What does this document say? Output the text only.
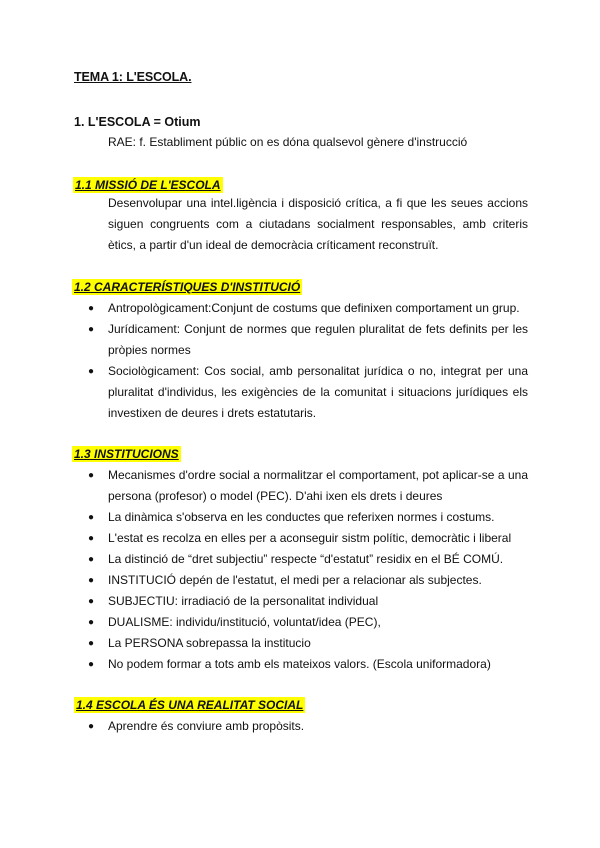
TEMA 1: L'ESCOLA.
1. L'ESCOLA = Otium
RAE: f. Establiment públic on es dóna qualsevol gènere d'instrucció
1.1 MISSIÓ DE L'ESCOLA
Desenvolupar una intel.ligència i disposició crítica, a fi que les seues accions siguen congruents com a ciutadans socialment responsables, amb criteris ètics, a partir d'un ideal de democràcia críticament reconstruït.
1.2 CARACTERÍSTIQUES D'INSTITUCIÓ
● Antropològicament:Conjunt de costums que definixen comportament un grup.
● Jurídicament: Conjunt de normes que regulen pluralitat de fets definits per les pròpies normes
● Sociològicament: Cos social, amb personalitat jurídica o no, integrat per una pluralitat d'individus, les exigències de la comunitat i situacions jurídiques els investixen de deures i drets estatutaris.
1.3 INSTITUCIONS
● Mecanismes d'ordre social a normalitzar el comportament, pot aplicar-se a una persona (profesor) o model (PEC). D'ahi ixen els drets i deures
● La dinàmica s'observa en les conductes que referixen normes i costums.
● L'estat es recolza en elles per a aconseguir sistm polític, democràtic i liberal
● La distinció de “dret subjectiu” respecte “d'estatut” residix en el BÉ COMÚ.
● INSTITUCIÓ depén de l'estatut, el medi per a relacionar als subjectes.
● SUBJECTIU: irradiació de la personalitat individual
● DUALISME: individu/institució, voluntat/idea (PEC),
● La PERSONA sobrepassa la institucio
● No podem formar a tots amb els mateixos valors. (Escola uniformadora)
1.4 ESCOLA ÉS UNA REALITAT SOCIAL
● Aprendre és conviure amb propòsits.
